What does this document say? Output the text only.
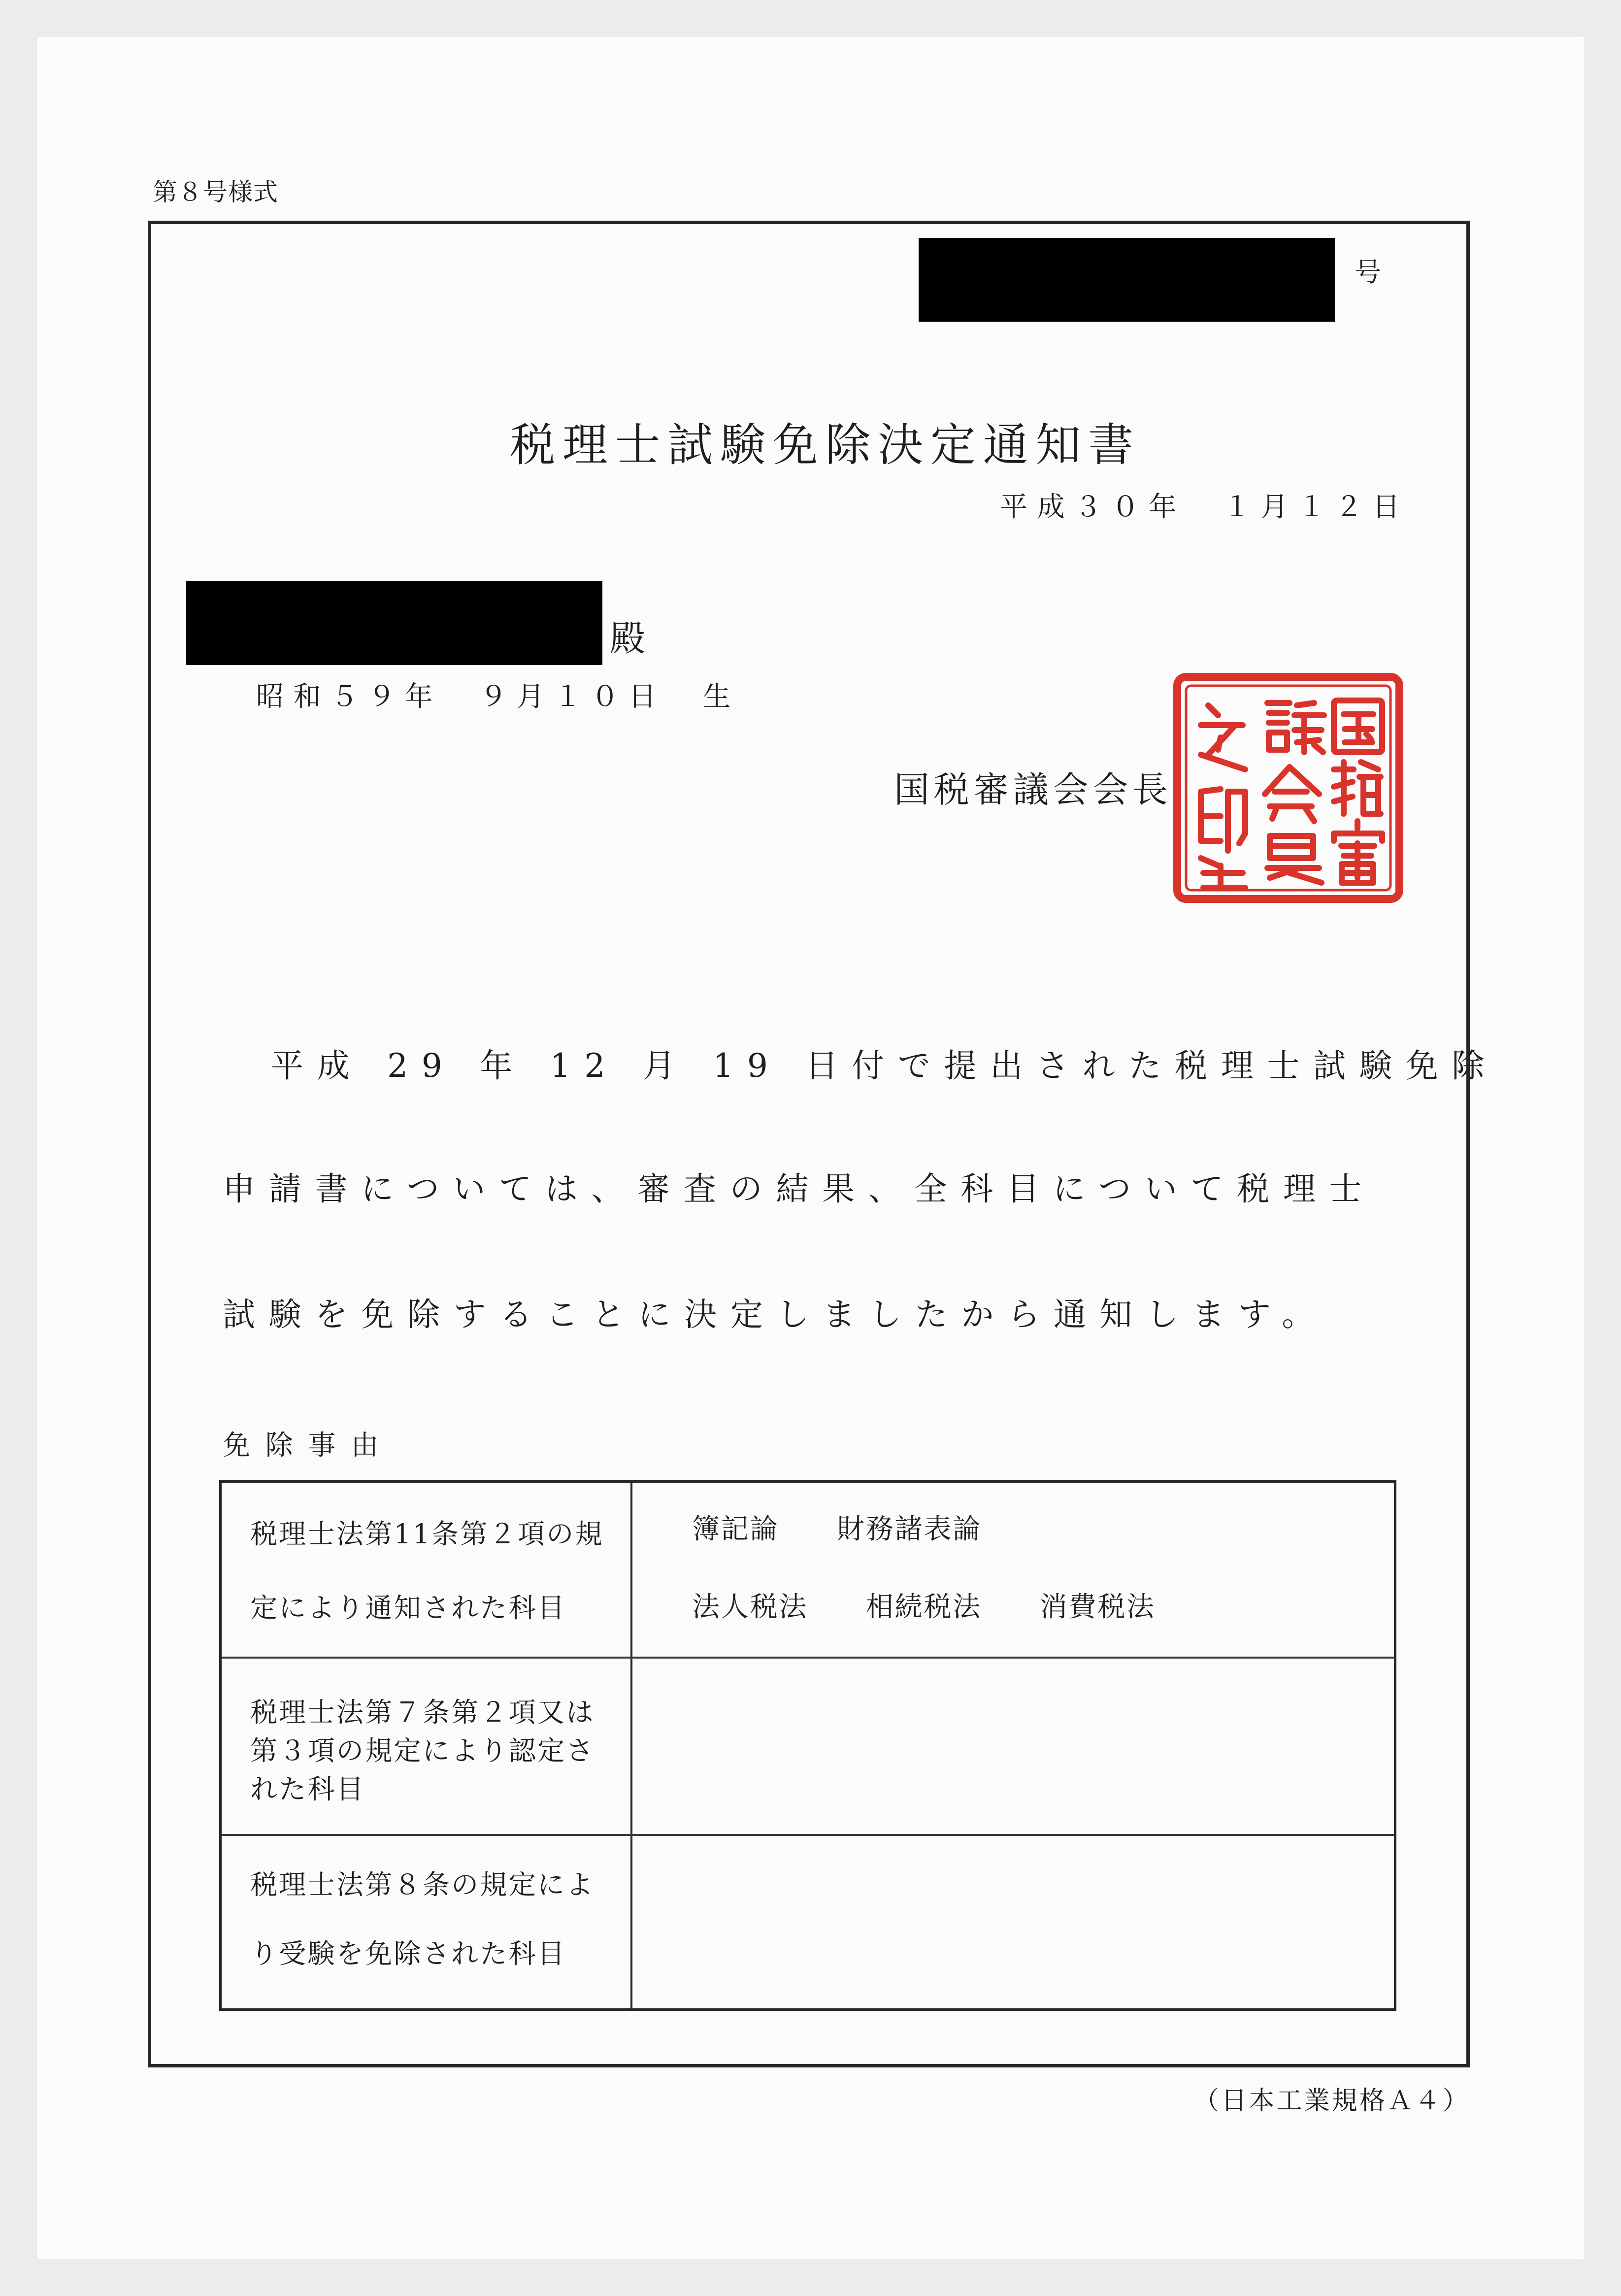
第８号様式
号
税理士試験免除決定通知書
平成３０年　１月１２日
殿
昭和５９年　９月１０日　生
国税審議会会長
平成 29 年 12 月 19 日付で提出された税理士試験免除
申請書については、審査の結果、全科目について税理士
試験を免除することに決定しましたから通知します。
免除事由
税理士法第11条第２項の規
定により通知された科目
簿記論　　財務諸表論
法人税法　　相続税法　　消費税法
税理士法第７条第２項又は
第３項の規定により認定さ
れた科目
税理士法第８条の規定によ
り受験を免除された科目
（日本工業規格Ａ４）
